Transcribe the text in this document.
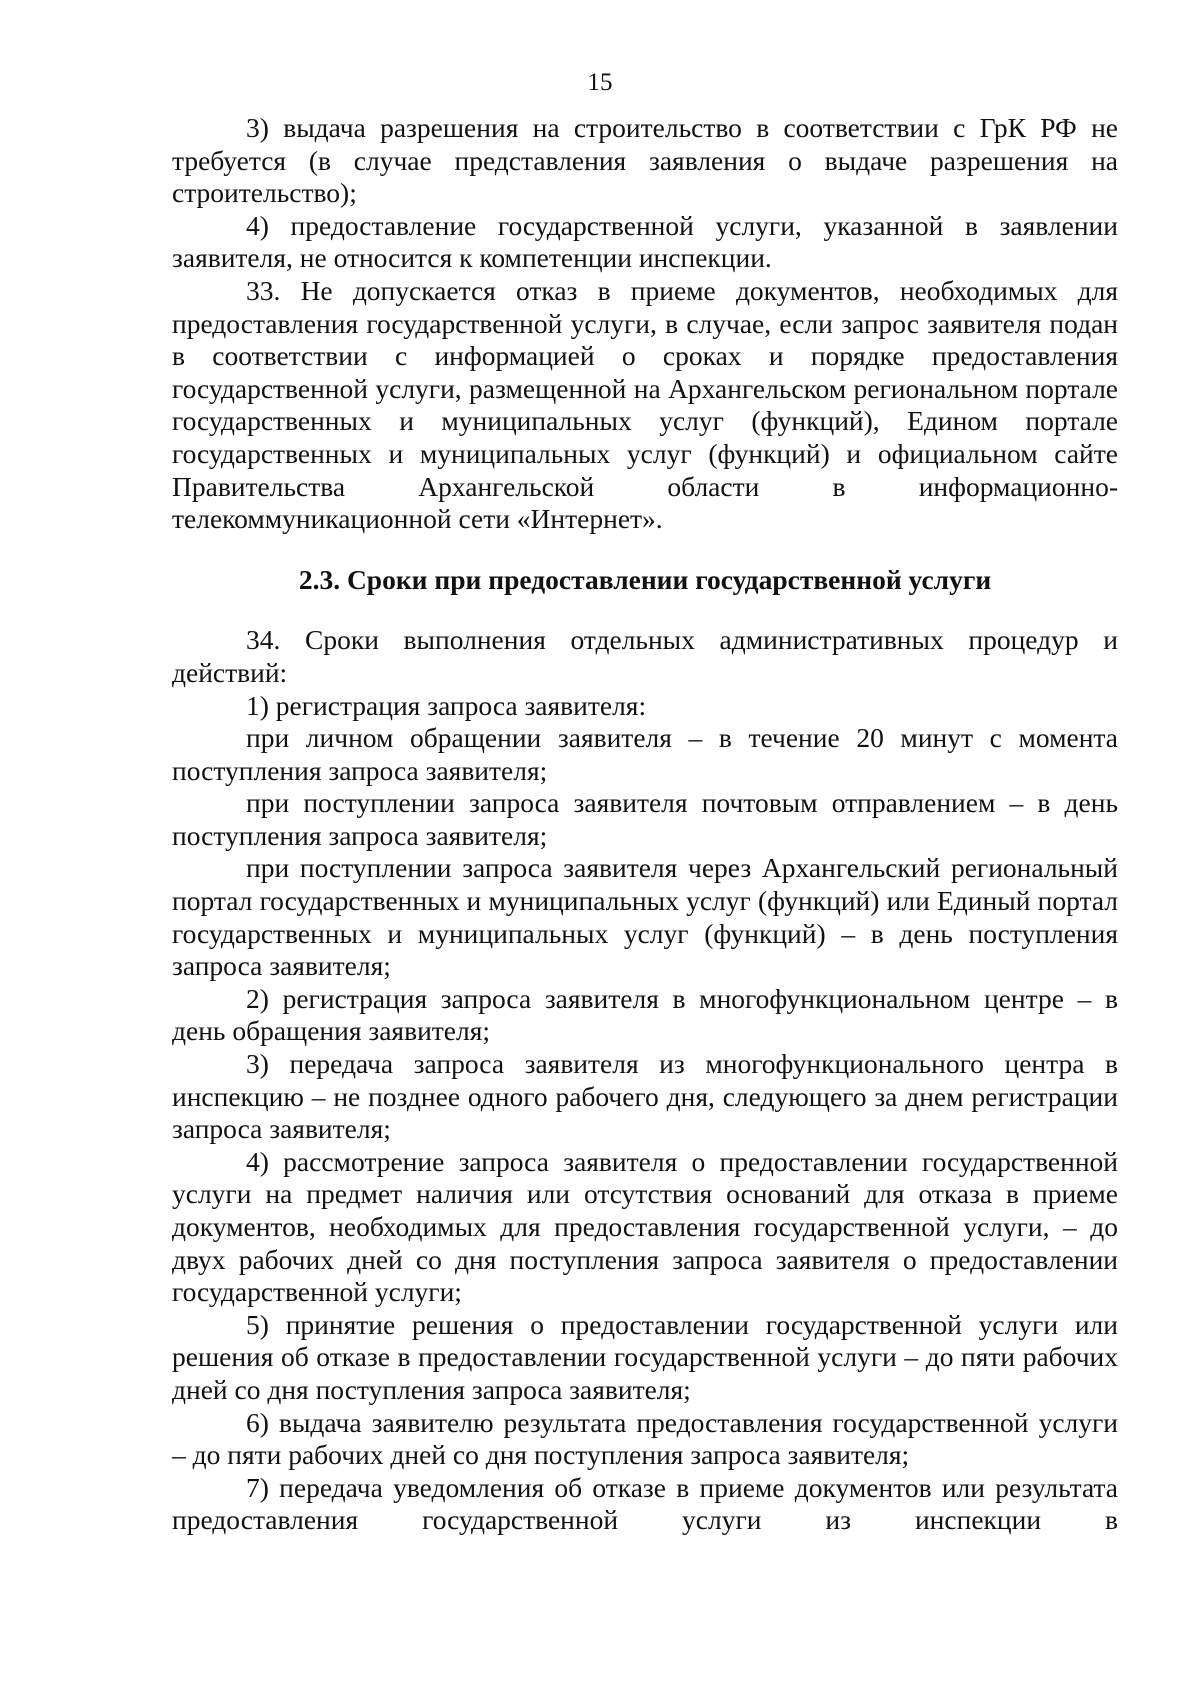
15

3) выдача разрешения на строительство в соответствии с ГрК РФ не требуется (в случае представления заявления о выдаче разрешения на строительство);

4) предоставление государственной услуги, указанной в заявлении заявителя, не относится к компетенции инспекции.

33. Не допускается отказ в приеме документов, необходимых для предоставления государственной услуги, в случае, если запрос заявителя подан в соответствии с информацией о сроках и порядке предоставления государственной услуги, размещенной на Архангельском региональном портале государственных и муниципальных услуг (функций), Едином портале государственных и муниципальных услуг (функций) и официальном сайте Правительства Архангельской области в информационно-телекоммуникационной сети «Интернет».

2.3. Сроки при предоставлении государственной услуги

34. Сроки выполнения отдельных административных процедур и действий:

1) регистрация запроса заявителя:

при личном обращении заявителя – в течение 20 минут с момента поступления запроса заявителя;

при поступлении запроса заявителя почтовым отправлением – в день поступления запроса заявителя;

при поступлении запроса заявителя через Архангельский региональный портал государственных и муниципальных услуг (функций) или Единый портал государственных и муниципальных услуг (функций) – в день поступления запроса заявителя;

2) регистрация запроса заявителя в многофункциональном центре – в день обращения заявителя;

3) передача запроса заявителя из многофункционального центра в инспекцию – не позднее одного рабочего дня, следующего за днем регистрации запроса заявителя;

4) рассмотрение запроса заявителя о предоставлении государственной услуги на предмет наличия или отсутствия оснований для отказа в приеме документов, необходимых для предоставления государственной услуги, – до двух рабочих дней со дня поступления запроса заявителя о предоставлении государственной услуги;

5) принятие решения о предоставлении государственной услуги или решения об отказе в предоставлении государственной услуги – до пяти рабочих дней со дня поступления запроса заявителя;

6) выдача заявителю результата предоставления государственной услуги – до пяти рабочих дней со дня поступления запроса заявителя;

7) передача уведомления об отказе в приеме документов или результата предоставления государственной услуги из инспекции в
